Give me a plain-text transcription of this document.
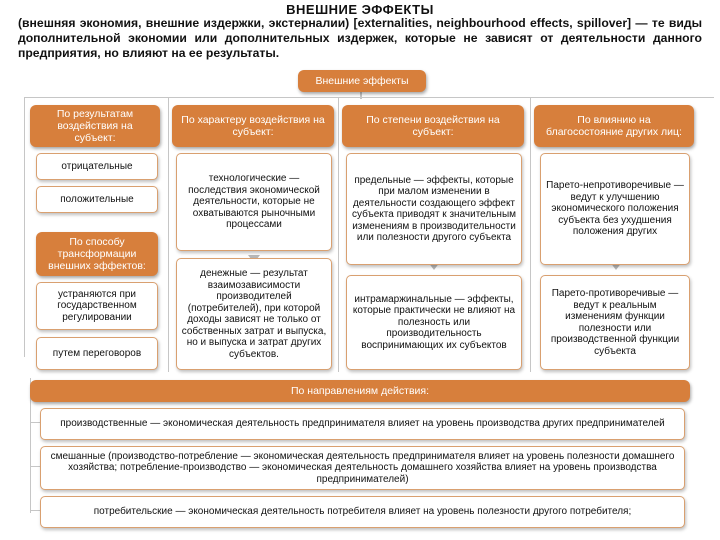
ВНЕШНИЕ ЭФФЕКТЫ
(внешняя экономия, внешние издержки, экстерналии) [externalities, neighbourhood effects, spillover] — те виды дополнительной экономии или дополнительных издержек, которые не зависят от деятельности данного предприятия, но влияют на ее результаты.
Внешние эффекты
По результатам воздействия на субъект:
отрицательные
положительные
По способу трансформации внешних эффектов:
устраняются при государственном регулировании
путем переговоров
По характеру воздействия на субъект:
технологические — последствия экономической деятельности, которые не охватываются рыночными процессами
денежные — результат взаимозависимости производителей (потребителей), при которой доходы зависят не только от собственных затрат и выпуска, но и выпуска и затрат других субъектов.
По степени воздействия на субъект:
предельные — эффекты, которые при малом изменении в деятельности создающего эффект субъекта приводят к значительным изменениям в производительности или полезности другого субъекта
интрамаржинальные — эффекты, которые практически не влияют на полезность или производительность воспринимающих их субъектов
По влиянию на благосостояние других лиц:
Парето-непротиворечивые — ведут к улучшению экономического положения субъекта без ухудшения положения других
Парето-противоречивые — ведут к реальным изменениям функции полезности или производственной функции субъекта
По направлениям действия:
производственные — экономическая деятельность предпринимателя влияет на уровень производства других предпринимателей
смешанные (производство-потребление — экономическая деятельность предпринимателя влияет на уровень полезности домашнего хозяйства; потребление-производство — экономическая деятельность домашнего хозяйства влияет на уровень производства предпринимателей)
потребительские — экономическая деятельность потребителя влияет на уровень полезности другого потребителя;
